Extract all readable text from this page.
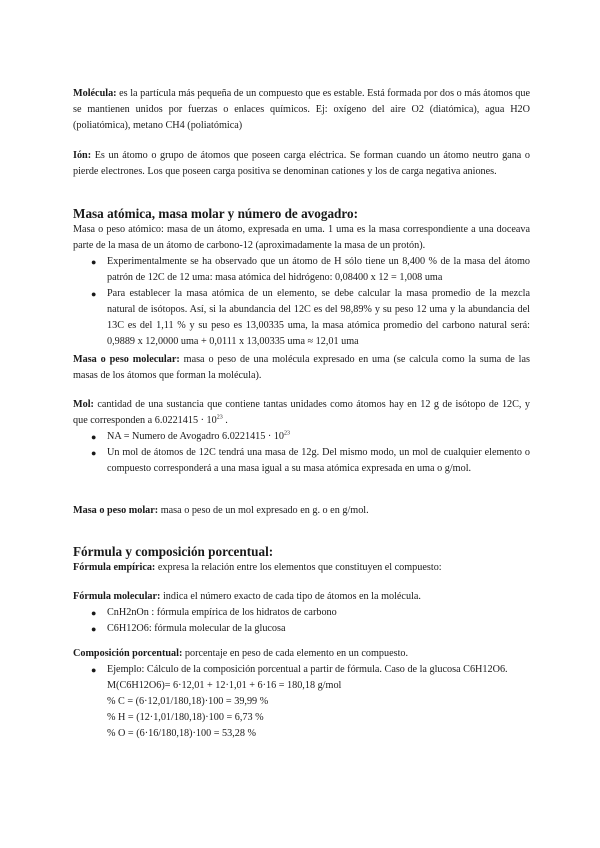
Molécula: es la partícula más pequeña de un compuesto que es estable. Está formada por dos o más átomos que se mantienen unidos por fuerzas o enlaces químicos. Ej: oxígeno del aire O2 (diatómica), agua H2O (poliatómica), metano CH4 (poliatómica)

Ión: Es un átomo o grupo de átomos que poseen carga eléctrica. Se forman cuando un átomo neutro gana o pierde electrones. Los que poseen carga positiva se denominan cationes y los de carga negativa aniones.

Masa atómica, masa molar y número de avogadro:

Masa o peso atómico: masa de un átomo, expresada en uma. 1 uma es la masa correspondiente a una doceava parte de la masa de un átomo de carbono-12 (aproximadamente la masa de un protón).

● Experimentalmente se ha observado que un átomo de H sólo tiene un 8,400 % de la masa del átomo patrón de 12C de 12 uma: masa atómica del hidrógeno: 0,08400 x 12 = 1,008 uma
● Para establecer la masa atómica de un elemento, se debe calcular la masa promedio de la mezcla natural de isótopos. Así, si la abundancia del 12C es del 98,89% y su peso 12 uma y la abundancia del 13C es del 1,11 % y su peso es 13,00335 uma, la masa atómica promedio del carbono natural será: 0,9889 x 12,0000 uma + 0,0111 x 13,00335 uma ≈ 12,01 uma

Masa o peso molecular: masa o peso de una molécula expresado en uma (se calcula como la suma de las masas de los átomos que forman la molécula).

Mol: cantidad de una sustancia que contiene tantas unidades como átomos hay en 12 g de isótopo de 12C, y que corresponden a $6.0221415 \cdot 10^{23}$ .

● NA = Numero de Avogadro $6.0221415 \cdot 10^{23}$
● Un mol de átomos de 12C tendrá una masa de 12g. Del mismo modo, un mol de cualquier elemento o compuesto corresponderá a una masa igual a su masa atómica expresada en uma o g/mol.

Masa o peso molar: masa o peso de un mol expresado en g. o en g/mol.

Fórmula y composición porcentual:

Fórmula empírica: expresa la relación entre los elementos que constituyen el compuesto:

Fórmula molecular: indica el número exacto de cada tipo de átomos en la molécula.

● CnH2nOn : fórmula empírica de los hidratos de carbono
● C6H12O6: fórmula molecular de la glucosa

Composición porcentual: porcentaje en peso de cada elemento en un compuesto.

● Ejemplo: Cálculo de la composición porcentual a partir de fórmula. Caso de la glucosa C6H12O6.
M(C6H12O6)= 6·12,01 + 12·1,01 + 6·16 = 180,18 g/mol
% C = (6·12,01/180,18)·100 = 39,99 %
% H = (12·1,01/180,18)·100 = 6,73 %
% O = (6·16/180,18)·100 = 53,28 %
